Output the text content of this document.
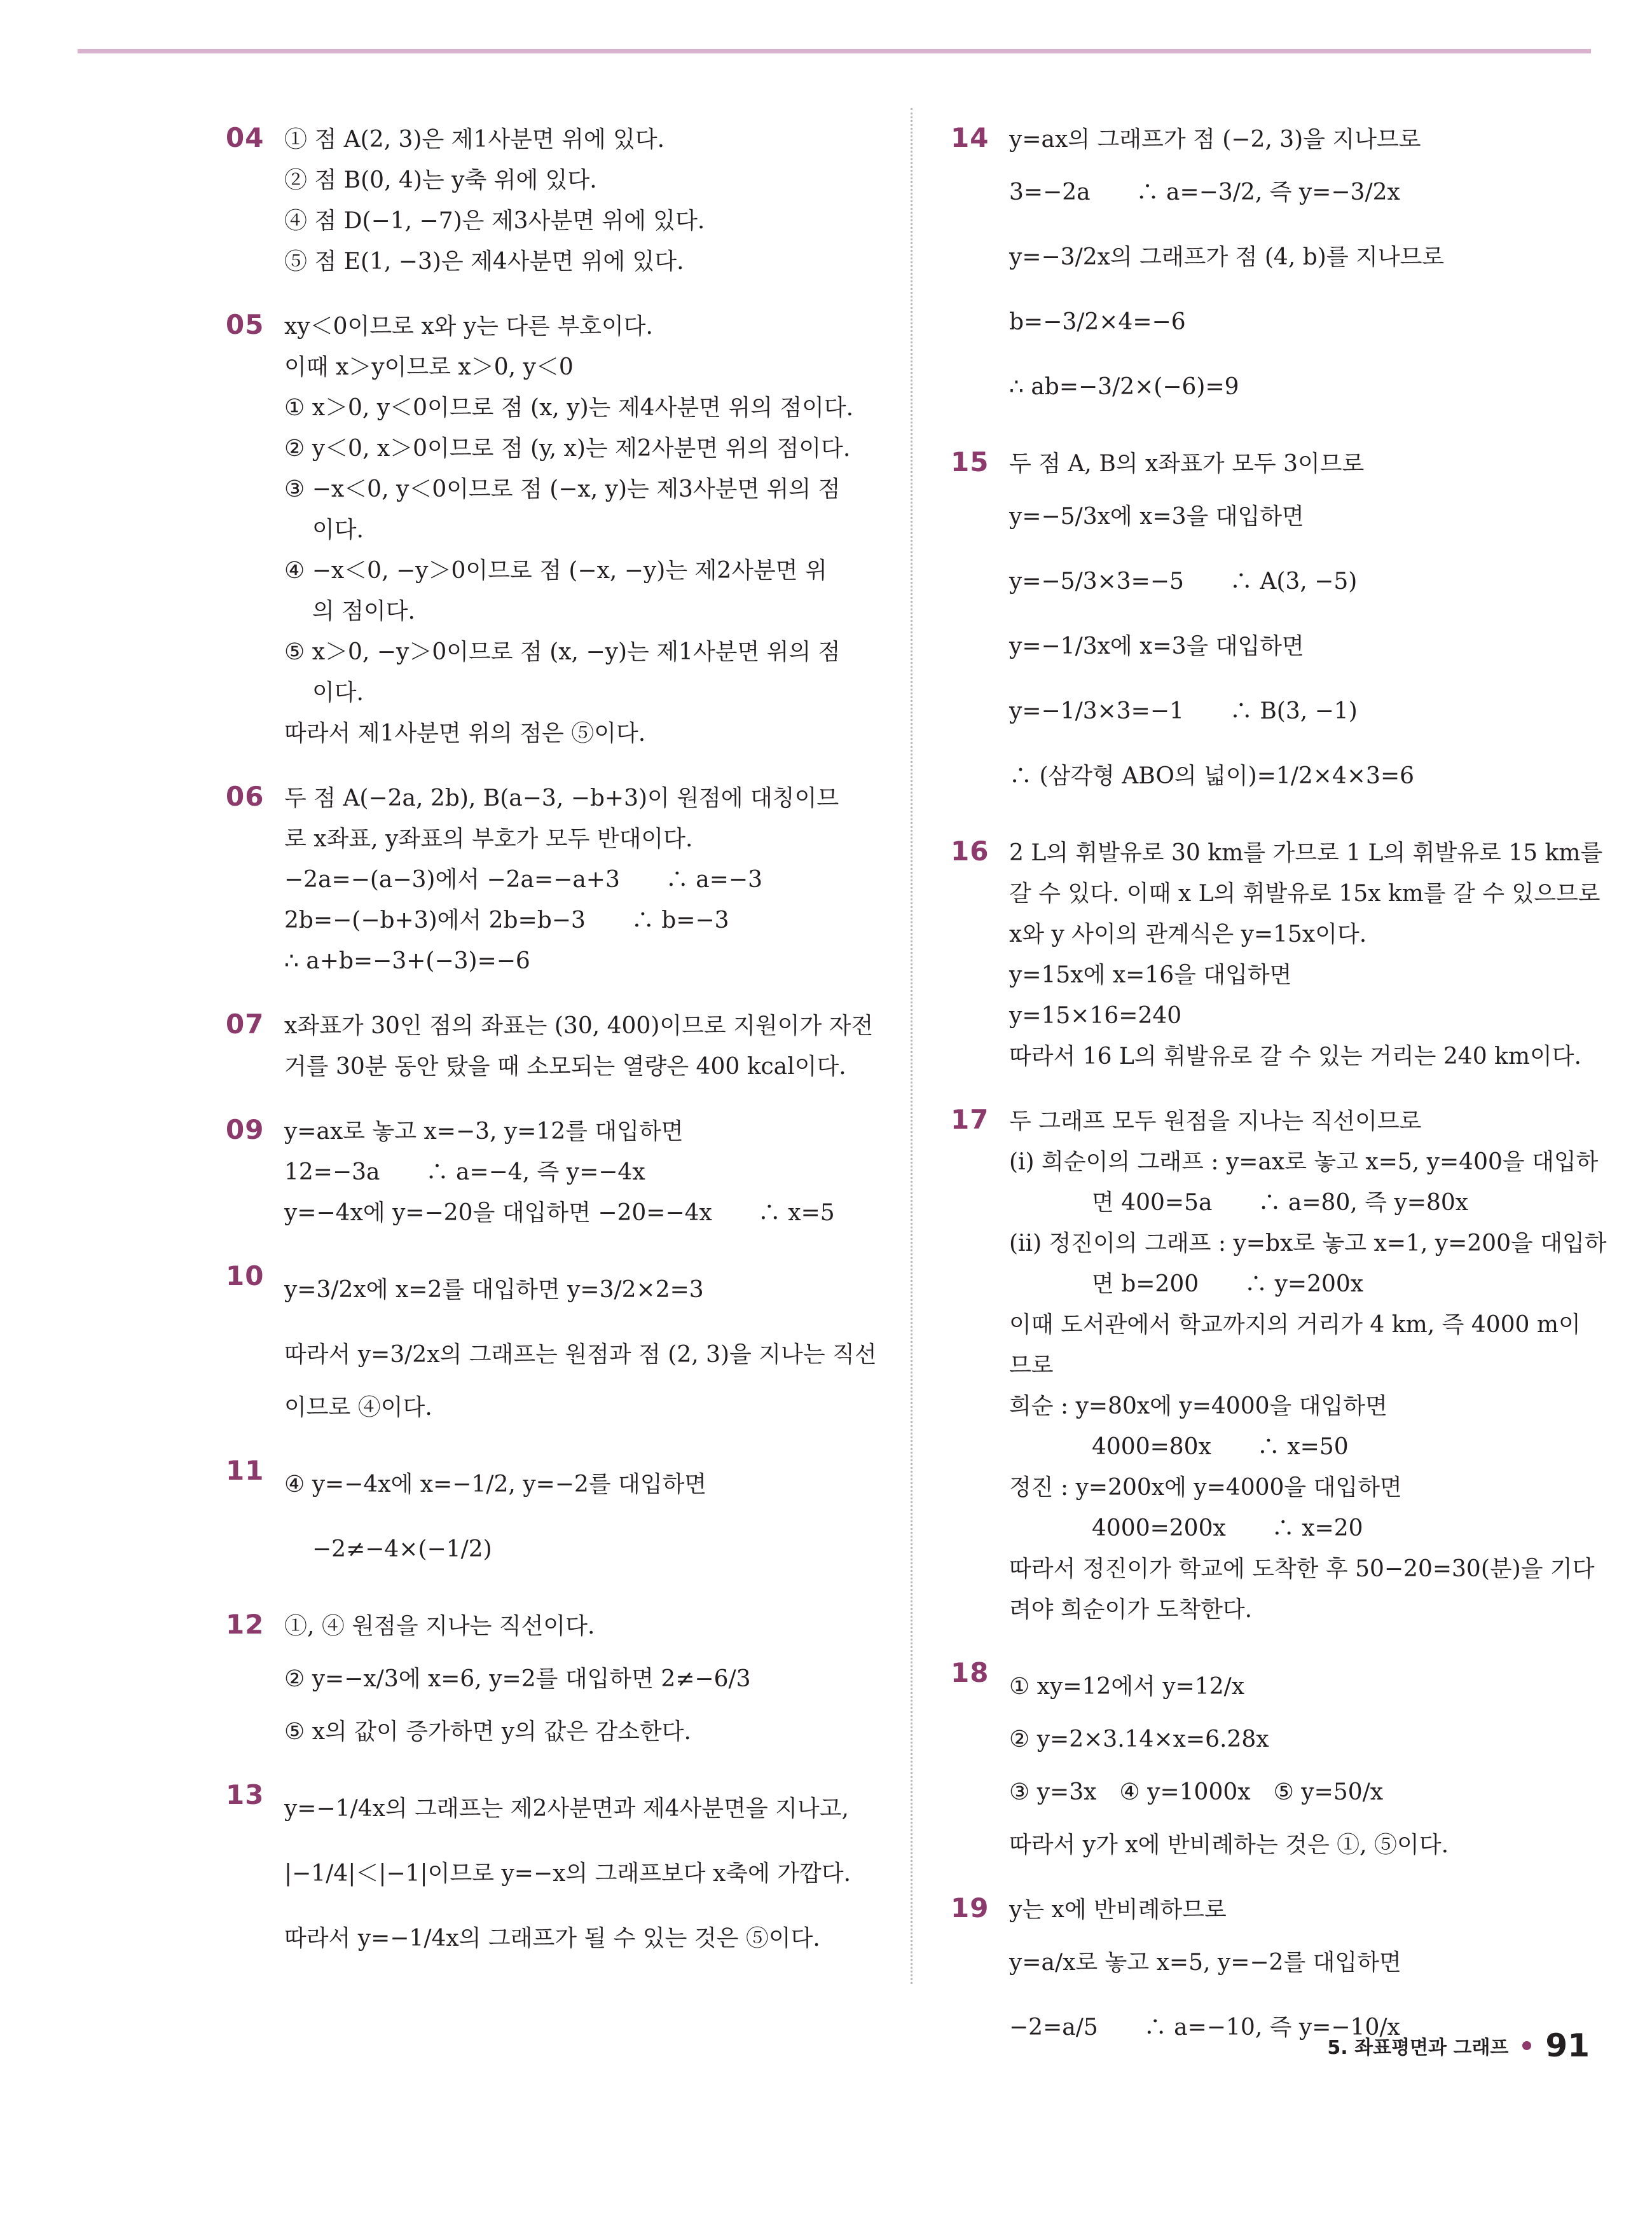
04 ① 점 A(2, 3)은 제1사분면 위에 있다.
② 점 B(0, 4)는 y축 위에 있다.
④ 점 D(−1, −7)은 제3사분면 위에 있다.
⑤ 점 E(1, −3)은 제4사분면 위에 있다.
05 xy＜0이므로 x와 y는 다른 부호이다.
이때 x＞y이므로 x＞0, y＜0
① x＞0, y＜0이므로 점 (x, y)는 제4사분면 위의 점이다.
② y＜0, x＞0이므로 점 (y, x)는 제2사분면 위의 점이다.
③ −x＜0, y＜0이므로 점 (−x, y)는 제3사분면 위의 점
이다.
④ −x＜0, −y＞0이므로 점 (−x, −y)는 제2사분면 위
의 점이다.
⑤ x＞0, −y＞0이므로 점 (x, −y)는 제1사분면 위의 점
이다.
따라서 제1사분면 위의 점은 ⑤이다.
06 두 점 A(−2a, 2b), B(a−3, −b+3)이 원점에 대칭이므
로 x좌표, y좌표의 부호가 모두 반대이다.
−2a=−(a−3)에서 −2a=−a+3　　∴ a=−3
2b=−(−b+3)에서 2b=b−3　　∴ b=−3
∴ a+b=−3+(−3)=−6
07 x좌표가 30인 점의 좌표는 (30, 400)이므로 지원이가 자전
거를 30분 동안 탔을 때 소모되는 열량은 400 kcal이다.
09 y=ax로 놓고 x=−3, y=12를 대입하면
12=−3a　　∴ a=−4, 즉 y=−4x
y=−4x에 y=−20을 대입하면 −20=−4x　　∴ x=5
10 y=3/2x에 x=2를 대입하면 y=3/2×2=3
따라서 y=3/2x의 그래프는 원점과 점 (2, 3)을 지나는 직선
이므로 ④이다.
11 ④ y=−4x에 x=−1/2, y=−2를 대입하면
−2≠−4×(−1/2)
12 ①, ④ 원점을 지나는 직선이다.
② y=−x/3에 x=6, y=2를 대입하면 2≠−6/3
⑤ x의 값이 증가하면 y의 값은 감소한다.
13 y=−1/4x의 그래프는 제2사분면과 제4사분면을 지나고,
|−1/4|＜|−1|이므로 y=−x의 그래프보다 x축에 가깝다.
따라서 y=−1/4x의 그래프가 될 수 있는 것은 ⑤이다.
14 y=ax의 그래프가 점 (−2, 3)을 지나므로
3=−2a　　∴ a=−3/2, 즉 y=−3/2x
y=−3/2x의 그래프가 점 (4, b)를 지나므로
b=−3/2×4=−6
∴ ab=−3/2×(−6)=9
15 두 점 A, B의 x좌표가 모두 3이므로
y=−5/3x에 x=3을 대입하면
y=−5/3×3=−5　　∴ A(3, −5)
y=−1/3x에 x=3을 대입하면
y=−1/3×3=−1　　∴ B(3, −1)
∴ (삼각형 ABO의 넓이)=1/2×4×3=6
16 2 L의 휘발유로 30 km를 가므로 1 L의 휘발유로 15 km를
갈 수 있다. 이때 x L의 휘발유로 15x km를 갈 수 있으므로
x와 y 사이의 관계식은 y=15x이다.
y=15x에 x=16을 대입하면
y=15×16=240
따라서 16 L의 휘발유로 갈 수 있는 거리는 240 km이다.
17 두 그래프 모두 원점을 지나는 직선이므로
(ⅰ) 희순이의 그래프 : y=ax로 놓고 x=5, y=400을 대입하
면 400=5a　　∴ a=80, 즉 y=80x
(ⅱ) 정진이의 그래프 : y=bx로 놓고 x=1, y=200을 대입하
면 b=200　　∴ y=200x
이때 도서관에서 학교까지의 거리가 4 km, 즉 4000 m이
므로
희순 : y=80x에 y=4000을 대입하면
4000=80x　　∴ x=50
정진 : y=200x에 y=4000을 대입하면
4000=200x　　∴ x=20
따라서 정진이가 학교에 도착한 후 50−20=30(분)을 기다
려야 희순이가 도착한다.
18 ① xy=12에서 y=12/x
② y=2×3.14×x=6.28x
③ y=3x　④ y=1000x　⑤ y=50/x
따라서 y가 x에 반비례하는 것은 ①, ⑤이다.
19 y는 x에 반비례하므로
y=a/x로 놓고 x=5, y=−2를 대입하면
−2=a/5　　∴ a=−10, 즉 y=−10/x
5. 좌표평면과 그래프 91
